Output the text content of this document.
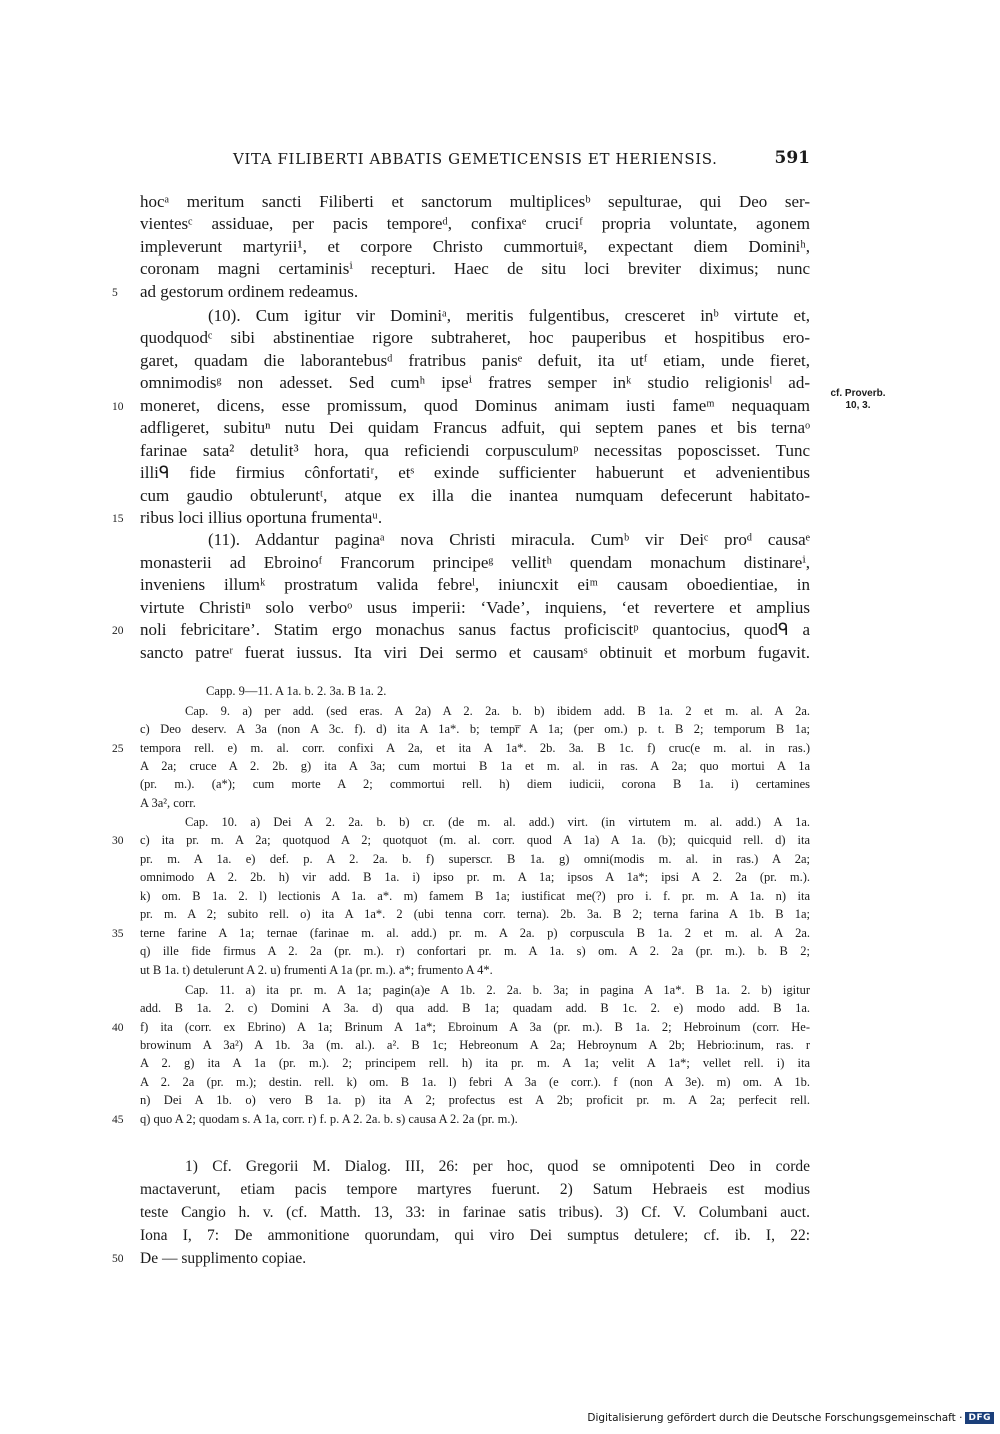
VITA FILIBERTI ABBATIS GEMETICENSIS ET HERIENSIS.	591
hocᵃ meritum sancti Filiberti et sanctorum multiplicesᵇ sepulturae, qui Deo ser-
vientesᶜ assiduae, per pacis temporeᵈ, confixaᵉ cruciᶠ propria voluntate, agonem
impleverunt martyrii¹, et corpore Christo cummortuiᵍ, expectant diem Dominiʰ,
coronam magni certaminisⁱ recepturi. Haec de situ loci breviter diximus; nunc
ad gestorum ordinem redeamus.
(10). Cum igitur vir Dominiᵃ, meritis fulgentibus, cresceret inᵇ virtute et,
quodquodᶜ sibi abstinentiae rigore subtraheret, hoc pauperibus et hospitibus ero-
garet, quadam die laborantebusᵈ fratribus panisᵉ defuit, ita utᶠ etiam, unde fieret,
omnimodisᵍ non adesset. Sed cumʰ ipseⁱ fratres semper inᵏ studio religionisˡ ad-
moneret, dicens, esse promissum, quod Dominus animam iusti fameᵐ nequaquam
adfligeret, subituⁿ nutu Dei quidam Francus adfuit, qui septem panes et bis ternaᵒ
farinae sata² detulit³ hora, qua reficiendi corpusculumᵖ necessitas poposcisset. Tunc
illiᑫ fide firmius cônfortatiʳ, etˢ exinde sufficienter habuerunt et advenientibus
cum gaudio obtuleruntᵗ, atque ex illa die inantea numquam defecerunt habitato-
ribus loci illius oportuna frumentaᵘ.
(11). Addantur paginaᵃ nova Christi miracula. Cumᵇ vir Deiᶜ proᵈ causaᵉ
monasterii ad Ebroinoᶠ Francorum principeᵍ vellitʰ quendam monachum distinareⁱ,
inveniens illumᵏ prostratum valida febreˡ, iniuncxit eiᵐ causam oboedientiae, in
virtute Christiⁿ solo verboᵒ usus imperii: ‘Vade’, inquiens, ‘et revertere et amplius
noli febricitare’. Statim ergo monachus sanus factus proficiscitᵖ quantocius, quodᑫ a
sancto patreʳ fuerat iussus. Ita viri Dei sermo et causamˢ obtinuit et morbum fugavit.
cf. Proverb.
10, 3.
Capp. 9—11. A 1a. b. 2. 3a. B 1a. 2.
Cap. 9. a) per add. (sed eras. A 2a) A 2. 2a. b. b) ibidem add. B 1a. 2 et m. al. A 2a.
c) Deo deserv. A 3a (non A 3c. f). d) ita A 1a*. b; tempr̅ A 1a; (per om.) p. t. B 2; temporum B 1a;
tempora rell. e) m. al. corr. confixi A 2a, et ita A 1a*. 2b. 3a. B 1c. f) cruc(e m. al. in ras.)
A 2a; cruce A 2. 2b. g) ita A 3a; cum mortui B 1a et m. al. in ras. A 2a; quo mortui A 1a
(pr. m.). (a*); cum morte A 2; commortui rell. h) diem iudicii, corona B 1a. i) certamines
A 3a², corr.
Cap. 10. a) Dei A 2. 2a. b. b) cr. (de m. al. add.) virt. (in virtutem m. al. add.) A 1a.
c) ita pr. m. A 2a; quotquod A 2; quotquot (m. al. corr. quod A 1a) A 1a. (b); quicquid rell. d) ita
pr. m. A 1a. e) def. p. A 2. 2a. b. f) superscr. B 1a. g) omni(modis m. al. in ras.) A 2a;
omnimodo A 2. 2b. h) vir add. B 1a. i) ipso pr. m. A 1a; ipsos A 1a*; ipsi A 2. 2a (pr. m.).
k) om. B 1a. 2. l) lectionis A 1a. a*. m) famem B 1a; iustificat me(?) pro i. f. pr. m. A 1a. n) ita
pr. m. A 2; subito rell. o) ita A 1a*. 2 (ubi tenna corr. terna). 2b. 3a. B 2; terna farina A 1b. B 1a;
terne farine A 1a; ternae (farinae m. al. add.) pr. m. A 2a. p) corpuscula B 1a. 2 et m. al. A 2a.
q) ille fide firmus A 2. 2a (pr. m.). r) confortari pr. m. A 1a. s) om. A 2. 2a (pr. m.). b. B 2;
ut B 1a. t) detulerunt A 2. u) frumenti A 1a (pr. m.). a*; frumento A 4*.
Cap. 11. a) ita pr. m. A 1a; pagin(a)e A 1b. 2. 2a. b. 3a; in pagina A 1a*. B 1a. 2. b) igitur
add. B 1a. 2. c) Domini A 3a. d) qua add. B 1a; quadam add. B 1c. 2. e) modo add. B 1a.
f) ita (corr. ex Ebrino) A 1a; Brinum A 1a*; Ebroinum A 3a (pr. m.). B 1a. 2; Hebroinum (corr. He-
browinum A 3a²) A 1b. 3a (m. al.). a². B 1c; Hebreonum A 2a; Hebroynum A 2b; Hebrio:inum, ras. r
A 2. g) ita A 1a (pr. m.). 2; principem rell. h) ita pr. m. A 1a; velit A 1a*; vellet rell. i) ita
A 2. 2a (pr. m.); destin. rell. k) om. B 1a. l) febri A 3a (e corr.). f (non A 3e). m) om. A 1b.
n) Dei A 1b. o) vero B 1a. p) ita A 2; profectus est A 2b; proficit pr. m. A 2a; perfecit rell.
q) quo A 2; quodam s. A 1a, corr. r) f. p. A 2. 2a. b. s) causa A 2. 2a (pr. m.).
1) Cf. Gregorii M. Dialog. III, 26: per hoc, quod se omnipotenti Deo in corde
mactaverunt, etiam pacis tempore martyres fuerunt. 2) Satum Hebraeis est modius
teste Cangio h. v. (cf. Matth. 13, 33: in farinae satis tribus). 3) Cf. V. Columbani auct.
Iona I, 7: De ammonitione quorundam, qui viro Dei sumptus detulere; cf. ib. I, 22:
De — supplimento copiae.
5
10
15
20
25
30
35
40
45
50
Digitalisierung gefördert durch die Deutsche Forschungsgemeinschaft · DFG
